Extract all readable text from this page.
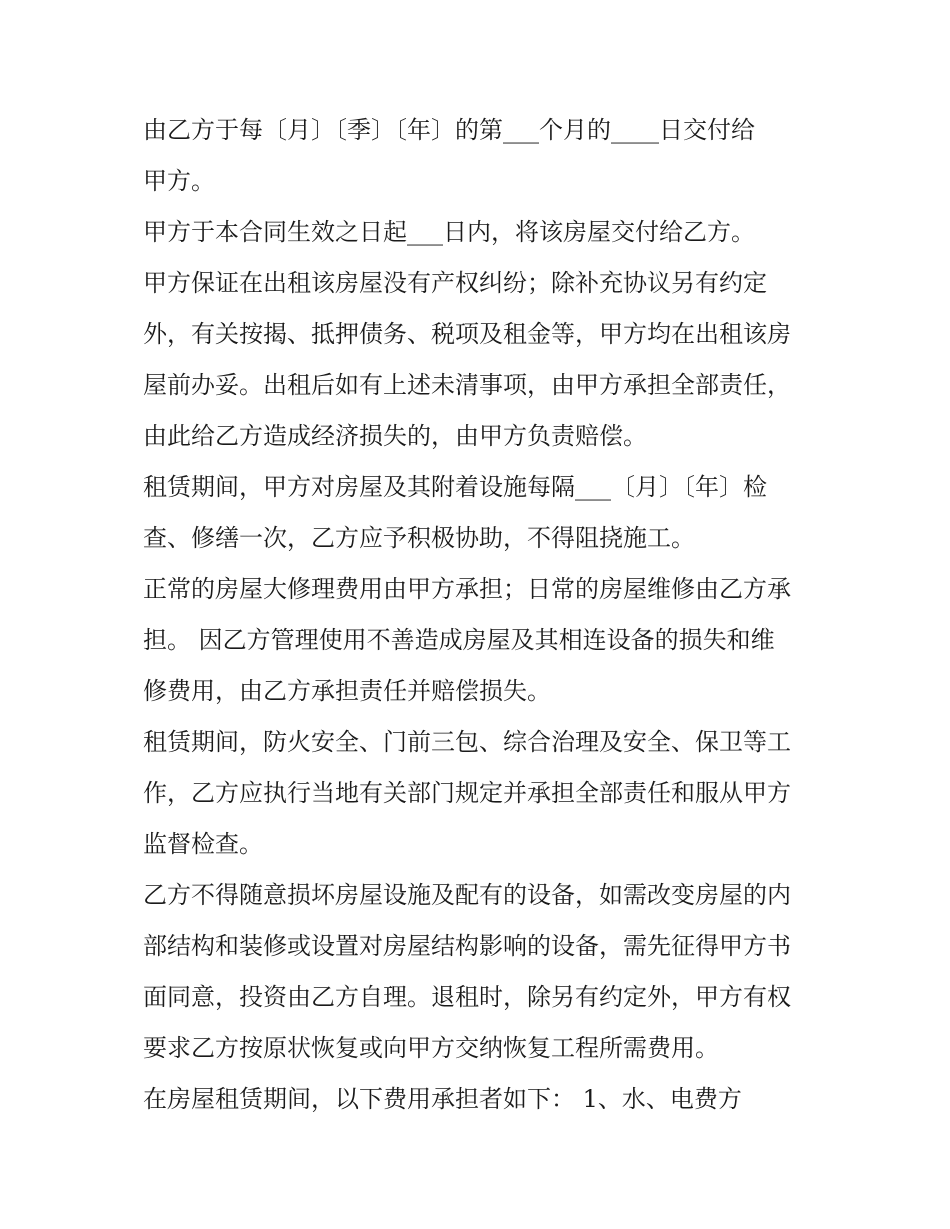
由乙方于每〔月〕〔季〕〔年〕的第___个月的____日交付给
甲方。

甲方于本合同生效之日起___日内，将该房屋交付给乙方。

甲方保证在出租该房屋没有产权纠纷；除补充协议另有约定
外，有关按揭、抵押债务、税项及租金等，甲方均在出租该房
屋前办妥。出租后如有上述未清事项，由甲方承担全部责任，
由此给乙方造成经济损失的，由甲方负责赔偿。

租赁期间，甲方对房屋及其附着设施每隔___〔月〕〔年〕检
查、修缮一次，乙方应予积极协助，不得阻挠施工。

正常的房屋大修理费用由甲方承担；日常的房屋维修由乙方承
担。 因乙方管理使用不善造成房屋及其相连设备的损失和维
修费用，由乙方承担责任并赔偿损失。

租赁期间，防火安全、门前三包、综合治理及安全、保卫等工
作，乙方应执行当地有关部门规定并承担全部责任和服从甲方
监督检查。

乙方不得随意损坏房屋设施及配有的设备，如需改变房屋的内
部结构和装修或设置对房屋结构影响的设备，需先征得甲方书
面同意，投资由乙方自理。退租时，除另有约定外，甲方有权
要求乙方按原状恢复或向甲方交纳恢复工程所需费用。

在房屋租赁期间，以下费用承担者如下： 1、水、电费方
